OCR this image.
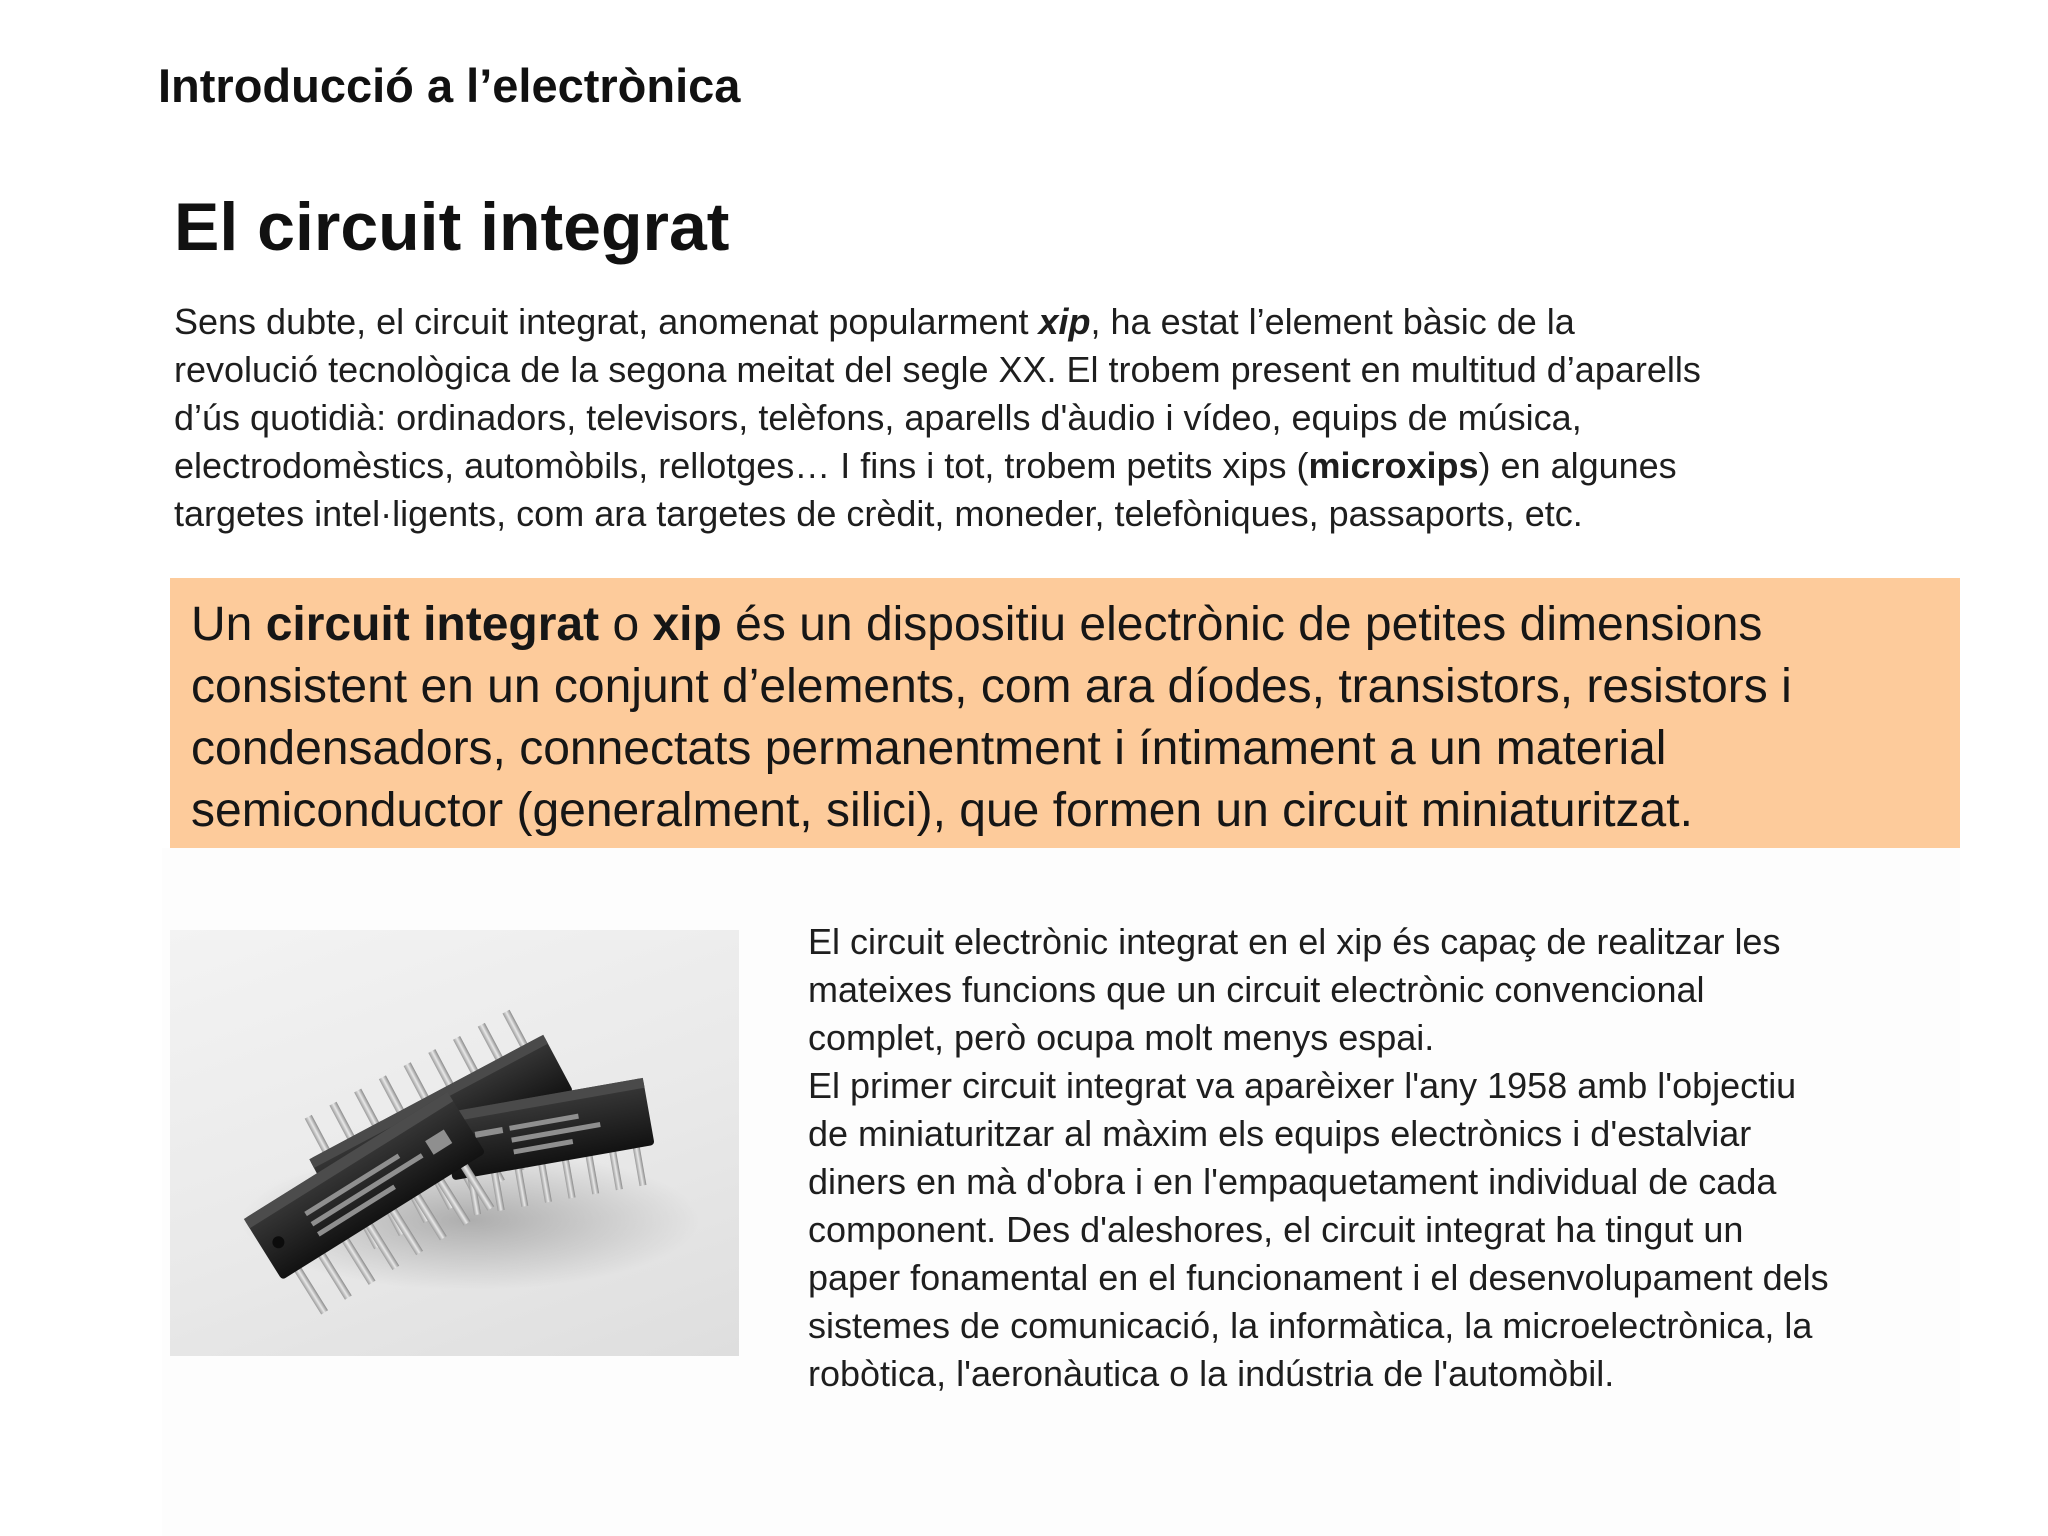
Introducció a l’electrònica
El circuit integrat

Sens dubte, el circuit integrat, anomenat popularment xip, ha estat l’element bàsic de la
revolució tecnològica de la segona meitat del segle XX. El trobem present en multitud d’aparells
d’ús quotidià: ordinadors, televisors, telèfons, aparells d'àudio i vídeo, equips de música,
electrodomèstics, automòbils, rellotges… I fins i tot, trobem petits xips (microxips) en algunes
targetes intel·ligents, com ara targetes de crèdit, moneder, telefòniques, passaports, etc.

Un circuit integrat o xip és un dispositiu electrònic de petites dimensions
consistent en un conjunt d’elements, com ara díodes, transistors, resistors i
condensadors, connectats permanentment i íntimament a un material
semiconductor (generalment, silici), que formen un circuit miniaturitzat.
El circuit electrònic integrat en el xip és capaç de realitzar les
mateixes funcions que un circuit electrònic convencional
complet, però ocupa molt menys espai.
El primer circuit integrat va aparèixer l'any 1958 amb l'objectiu
de miniaturitzar al màxim els equips electrònics i d'estalviar
diners en mà d'obra i en l'empaquetament individual de cada
component. Des d'aleshores, el circuit integrat ha tingut un
paper fonamental en el funcionament i el desenvolupament dels
sistemes de comunicació, la informàtica, la microelectrònica, la
robòtica, l'aeronàutica o la indústria de l'automòbil.
